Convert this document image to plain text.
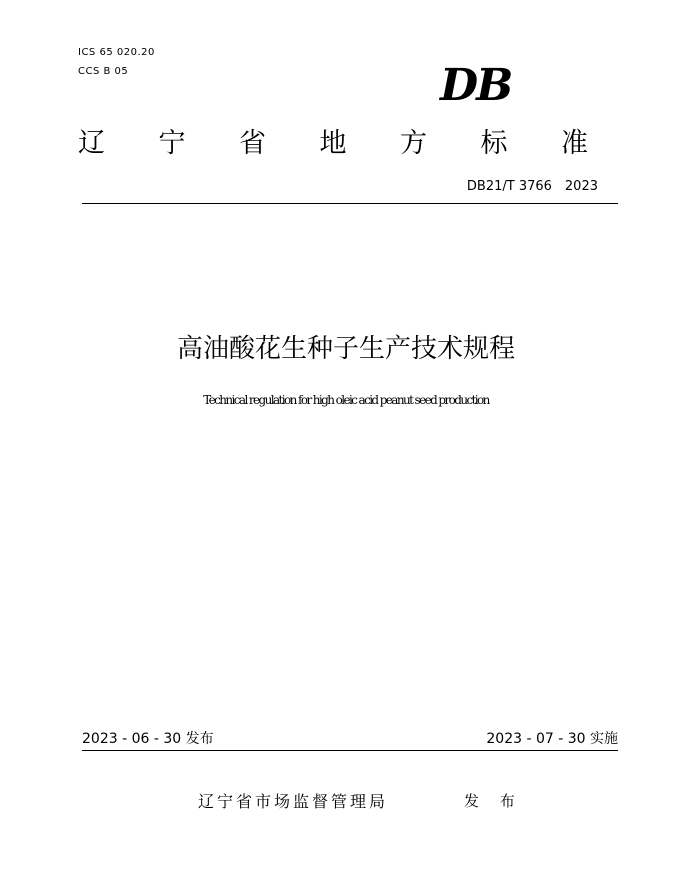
ICS 65 020.20
CCS B 05	DB
辽 宁 省 地 方 标 准
DB21/T 3766　2023
高油酸花生种子生产技术规程
Technical regulation for high oleic acid peanut seed production
2023 - 06 - 30 发布	2023 - 07 - 30 实施
辽宁省市场监督管理局	发 布
